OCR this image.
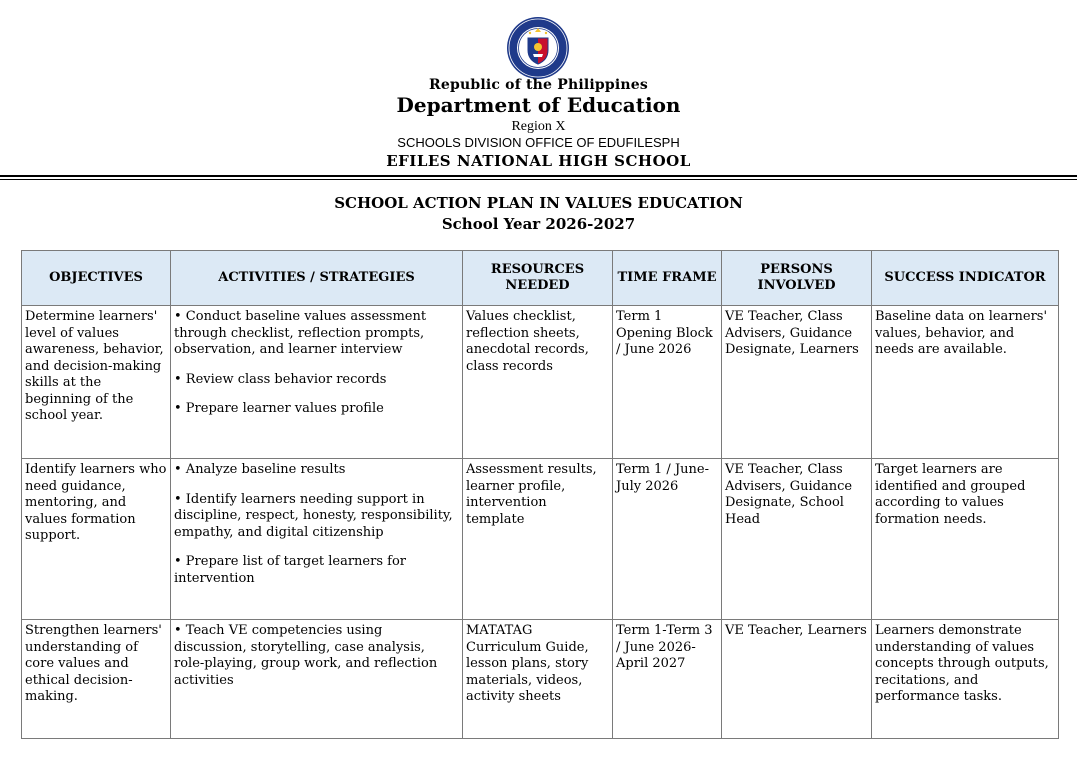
Republic of the Philippines
Department of Education
Region X
SCHOOLS DIVISION OFFICE OF EDUFILESPH
EFILES NATIONAL HIGH SCHOOL
SCHOOL ACTION PLAN IN VALUES EDUCATION
School Year 2026-2027
OBJECTIVES	ACTIVITIES / STRATEGIES	RESOURCES NEEDED	TIME FRAME	PERSONS INVOLVED	SUCCESS INDICATOR
Determine learners' level of values awareness, behavior, and decision-making skills at the beginning of the school year.	• Conduct baseline values assessment through checklist, reflection prompts, observation, and learner interview

• Review class behavior records

• Prepare learner values profile	Values checklist, reflection sheets, anecdotal records, class records	Term 1 Opening Block / June 2026	VE Teacher, Class Advisers, Guidance Designate, Learners	Baseline data on learners' values, behavior, and needs are available.
Identify learners who need guidance, mentoring, and values formation support.	• Analyze baseline results

• Identify learners needing support in discipline, respect, honesty, responsibility, empathy, and digital citizenship

• Prepare list of target learners for intervention	Assessment results, learner profile, intervention template	Term 1 / June-July 2026	VE Teacher, Class Advisers, Guidance Designate, School Head	Target learners are identified and grouped according to values formation needs.
Strengthen learners' understanding of core values and ethical decision-making.	• Teach VE competencies using discussion, storytelling, case analysis, role-playing, group work, and reflection activities	MATATAG Curriculum Guide, lesson plans, story materials, videos, activity sheets	Term 1-Term 3 / June 2026-April 2027	VE Teacher, Learners	Learners demonstrate understanding of values concepts through outputs, recitations, and performance tasks.
